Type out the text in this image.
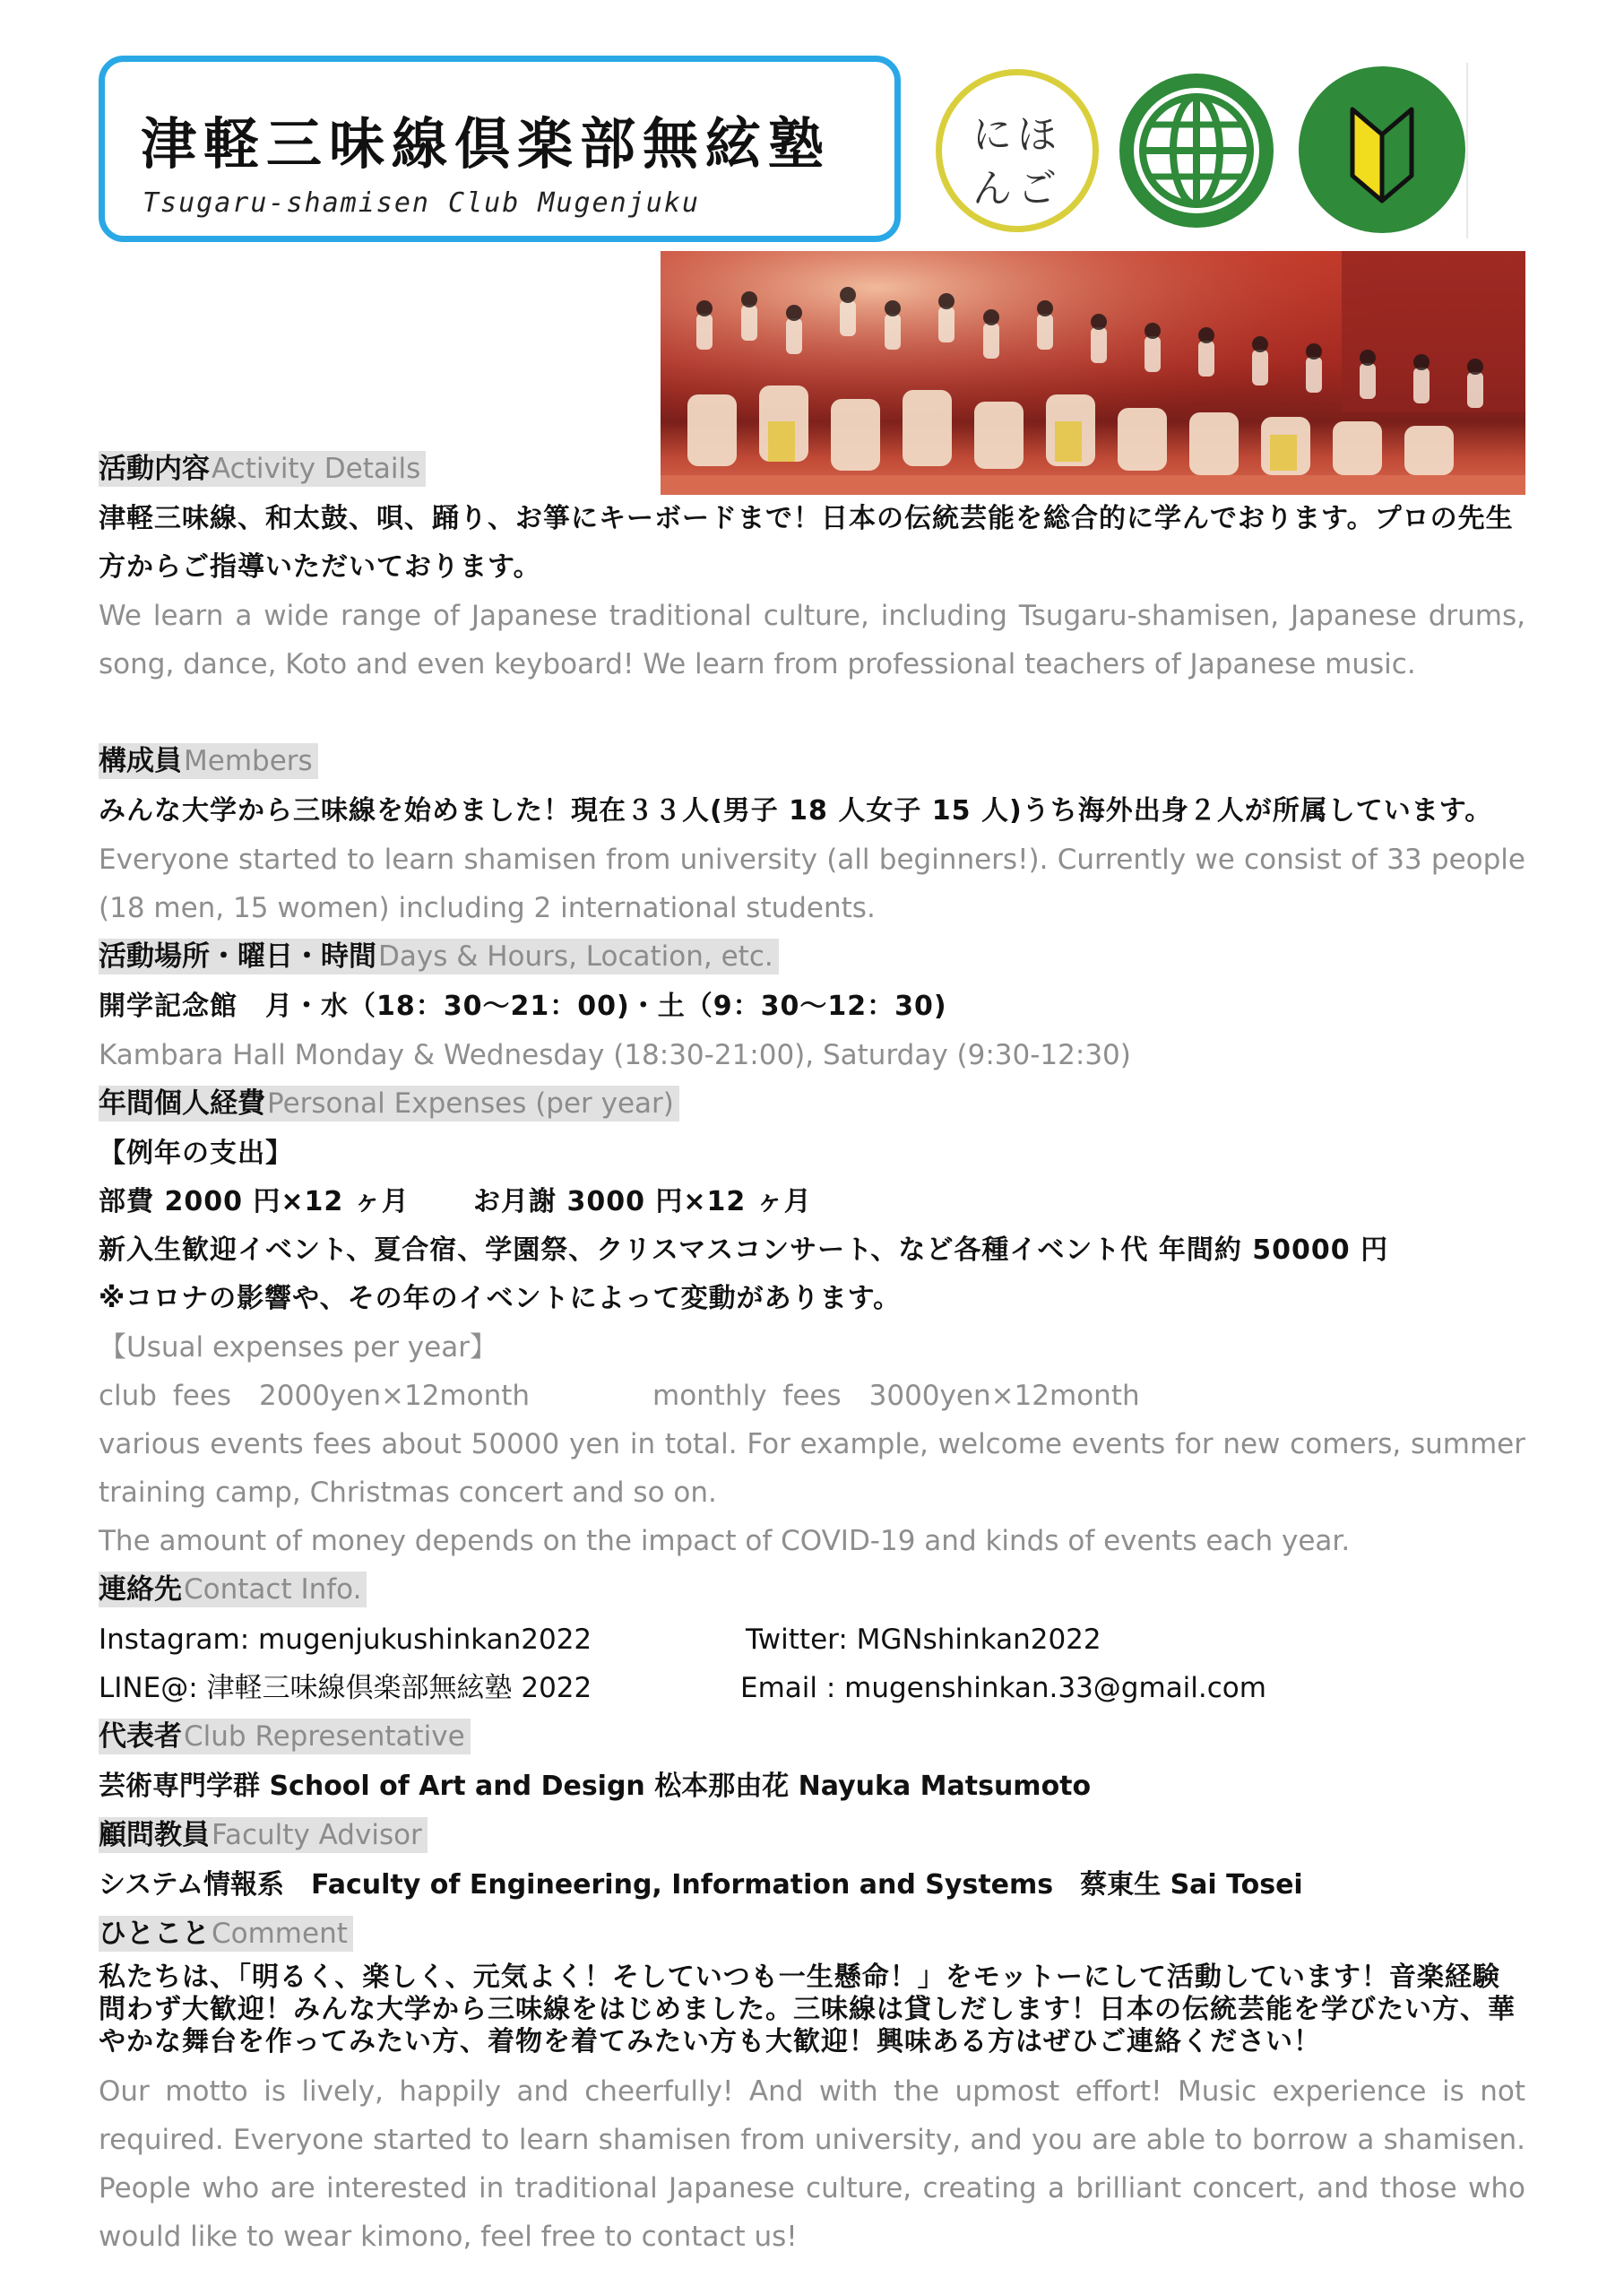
津軽三味線倶楽部無絃塾
Tsugaru-shamisen Club Mugenjuku
にほ
んご
活動内容Activity Details
津軽三味線、和太鼓、唄、踊り、お箏にキーボードまで！日本の伝統芸能を総合的に学んでおります。プロの先生方からご指導いただいております。
We learn a wide range of Japanese traditional culture, including Tsugaru-shamisen, Japanese drums, song, dance, Koto and even keyboard! We learn from professional teachers of Japanese music.
構成員Members
みんな大学から三味線を始めました！現在３３人(男子 18 人女子 15 人)うち海外出身２人が所属しています。
Everyone started to learn shamisen from university (all beginners!). Currently we consist of 33 people (18 men, 15 women) including 2 international students.
活動場所・曜日・時間Days & Hours, Location, etc.
開学記念館　月・水（18：30～21：00)・土（9：30～12：30)
Kambara Hall Monday & Wednesday (18:30-21:00), Saturday (9:30-12:30)
年間個人経費Personal Expenses (per year)
【例年の支出】
部費 2000 円×12 ヶ月	お月謝 3000 円×12 ヶ月
新入生歓迎イベント、夏合宿、学園祭、クリスマスコンサート、など各種イベント代 年間約 50000 円
※コロナの影響や、その年のイベントによって変動があります。
【Usual expenses per year】
club fees　2000yen×12month	monthly fees　3000yen×12month
various events fees about 50000 yen in total. For example, welcome events for new comers, summer training camp, Christmas concert and so on.
The amount of money depends on the impact of COVID-19 and kinds of events each year.
連絡先Contact Info.
Instagram: mugenjukushinkan2022	Twitter: MGNshinkan2022
LINE@: 津軽三味線倶楽部無絃塾 2022	Email : mugenshinkan.33@gmail.com
代表者Club Representative
芸術専門学群 School of Art and Design 松本那由花 Nayuka Matsumoto
顧問教員Faculty Advisor
システム情報系　Faculty of Engineering, Information and Systems　蔡東生 Sai Tosei
ひとことComment
私たちは、「明るく、楽しく、元気よく！そしていつも一生懸命！」をモットーにして活動しています！音楽経験問わず大歓迎！みんな大学から三味線をはじめました。三味線は貸しだします！日本の伝統芸能を学びたい方、華やかな舞台を作ってみたい方、着物を着てみたい方も大歓迎！興味ある方はぜひご連絡ください！
Our motto is lively, happily and cheerfully! And with the upmost effort! Music experience is not required. Everyone started to learn shamisen from university, and you are able to borrow a shamisen. People who are interested in traditional Japanese culture, creating a brilliant concert, and those who would like to wear kimono, feel free to contact us!
